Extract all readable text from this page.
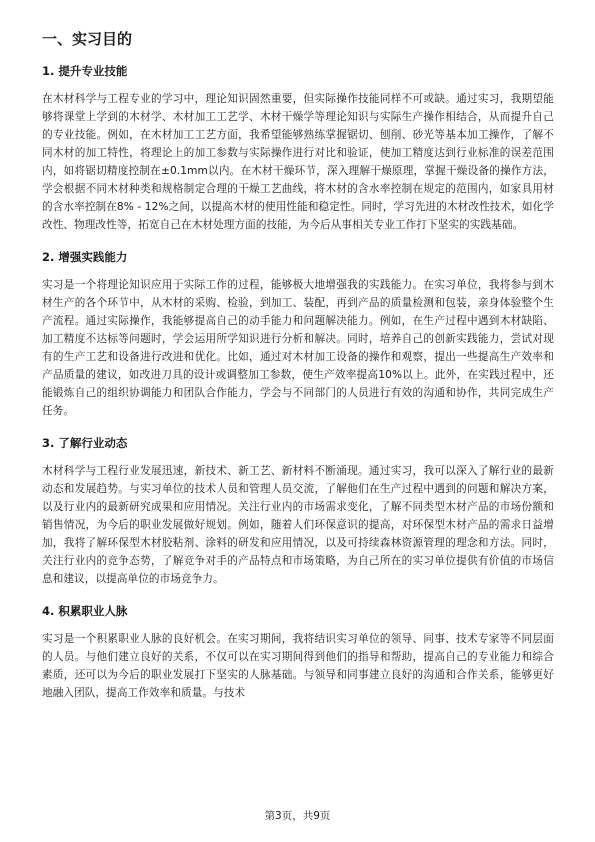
一、实习目的
1. 提升专业技能

在木材科学与工程专业的学习中，理论知识固然重要，但实际操作技能同样不可或缺。通过实习，我期望能够将课堂上学到的木材学、木材加工工艺学、木材干燥学等理论知识与实际生产操作相结合，从而提升自己的专业技能。例如，在木材加工工艺方面，我希望能够熟练掌握锯切、刨削、砂光等基本加工操作，了解不同木材的加工特性，将理论上的加工参数与实际操作进行对比和验证，使加工精度达到行业标准的误差范围内，如将锯切精度控制在±0.1mm以内。在木材干燥环节，深入理解干燥原理，掌握干燥设备的操作方法，学会根据不同木材种类和规格制定合理的干燥工艺曲线，将木材的含水率控制在规定的范围内，如家具用材的含水率控制在8% - 12%之间，以提高木材的使用性能和稳定性。同时，学习先进的木材改性技术，如化学改性、物理改性等，拓宽自己在木材处理方面的技能，为今后从事相关专业工作打下坚实的实践基础。

2. 增强实践能力

实习是一个将理论知识应用于实际工作的过程，能够极大地增强我的实践能力。在实习单位，我将参与到木材生产的各个环节中，从木材的采购、检验，到加工、装配，再到产品的质量检测和包装，亲身体验整个生产流程。通过实际操作，我能够提高自己的动手能力和问题解决能力。例如，在生产过程中遇到木材缺陷、加工精度不达标等问题时，学会运用所学知识进行分析和解决。同时，培养自己的创新实践能力，尝试对现有的生产工艺和设备进行改进和优化。比如，通过对木材加工设备的操作和观察，提出一些提高生产效率和产品质量的建议，如改进刀具的设计或调整加工参数，使生产效率提高10%以上。此外，在实践过程中，还能锻炼自己的组织协调能力和团队合作能力，学会与不同部门的人员进行有效的沟通和协作，共同完成生产任务。

3. 了解行业动态

木材科学与工程行业发展迅速，新技术、新工艺、新材料不断涌现。通过实习，我可以深入了解行业的最新动态和发展趋势。与实习单位的技术人员和管理人员交流，了解他们在生产过程中遇到的问题和解决方案，以及行业内的最新研究成果和应用情况。关注行业内的市场需求变化，了解不同类型木材产品的市场份额和销售情况，为今后的职业发展做好规划。例如，随着人们环保意识的提高，对环保型木材产品的需求日益增加，我将了解环保型木材胶粘剂、涂料的研发和应用情况，以及可持续森林资源管理的理念和方法。同时，关注行业内的竞争态势，了解竞争对手的产品特点和市场策略，为自己所在的实习单位提供有价值的市场信息和建议，以提高单位的市场竞争力。

4. 积累职业人脉

实习是一个积累职业人脉的良好机会。在实习期间，我将结识实习单位的领导、同事、技术专家等不同层面的人员。与他们建立良好的关系，不仅可以在实习期间得到他们的指导和帮助，提高自己的专业能力和综合素质，还可以为今后的职业发展打下坚实的人脉基础。与领导和同事建立良好的沟通和合作关系，能够更好地融入团队，提高工作效率和质量。与技术

第3页，共9页
